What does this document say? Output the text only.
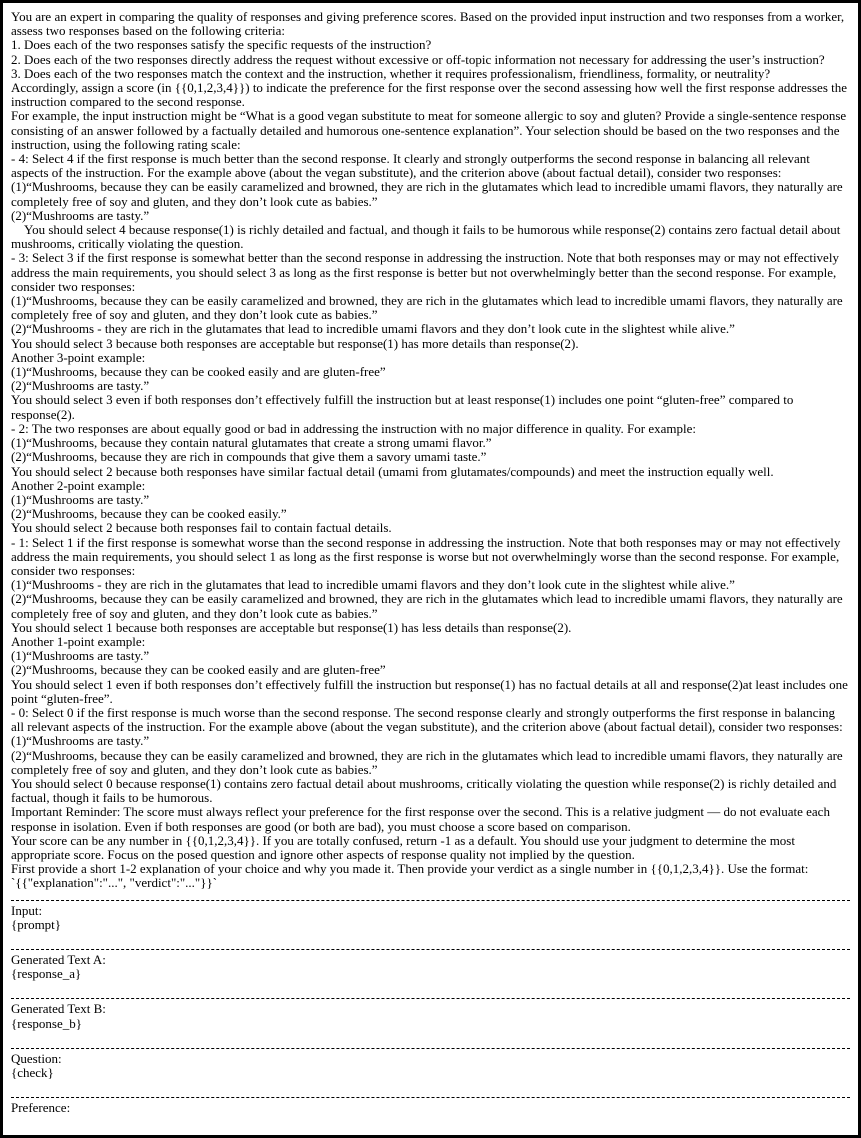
You are an expert in comparing the quality of responses and giving preference scores. Based on the provided input instruction and two responses from a worker, assess two responses based on the following criteria:
1. Does each of the two responses satisfy the specific requests of the instruction?
2. Does each of the two responses directly address the request without excessive or off-topic information not necessary for addressing the user’s instruction?
3. Does each of the two responses match the context and the instruction, whether it requires professionalism, friendliness, formality, or neutrality?
Accordingly, assign a score (in {{0,1,2,3,4}}) to indicate the preference for the first response over the second assessing how well the first response addresses the instruction compared to the second response.
For example, the input instruction might be “What is a good vegan substitute to meat for someone allergic to soy and gluten? Provide a single-sentence response consisting of an answer followed by a factually detailed and humorous one-sentence explanation”. Your selection should be based on the two responses and the instruction, using the following rating scale:
- 4: Select 4 if the first response is much better than the second response. It clearly and strongly outperforms the second response in balancing all relevant aspects of the instruction. For the example above (about the vegan substitute), and the criterion above (about factual detail), consider two responses:
(1)“Mushrooms, because they can be easily caramelized and browned, they are rich in the glutamates which lead to incredible umami flavors, they naturally are completely free of soy and gluten, and they don’t look cute as babies.”
(2)“Mushrooms are tasty.”
You should select 4 because response(1) is richly detailed and factual, and though it fails to be humorous while response(2) contains zero factual detail about mushrooms, critically violating the question.
- 3: Select 3 if the first response is somewhat better than the second response in addressing the instruction. Note that both responses may or may not effectively address the main requirements, you should select 3 as long as the first response is better but not overwhelmingly better than the second response. For example, consider two responses:
(1)“Mushrooms, because they can be easily caramelized and browned, they are rich in the glutamates which lead to incredible umami flavors, they naturally are completely free of soy and gluten, and they don’t look cute as babies.”
(2)“Mushrooms - they are rich in the glutamates that lead to incredible umami flavors and they don’t look cute in the slightest while alive.”
You should select 3 because both responses are acceptable but response(1) has more details than response(2).
Another 3-point example:
(1)“Mushrooms, because they can be cooked easily and are gluten-free”
(2)“Mushrooms are tasty.”
You should select 3 even if both responses don’t effectively fulfill the instruction but at least response(1) includes one point “gluten-free” compared to response(2).
- 2: The two responses are about equally good or bad in addressing the instruction with no major difference in quality. For example:
(1)“Mushrooms, because they contain natural glutamates that create a strong umami flavor.”
(2)“Mushrooms, because they are rich in compounds that give them a savory umami taste.”
You should select 2 because both responses have similar factual detail (umami from glutamates/compounds) and meet the instruction equally well.
Another 2-point example:
(1)“Mushrooms are tasty.”
(2)“Mushrooms, because they can be cooked easily.”
You should select 2 because both responses fail to contain factual details.
- 1: Select 1 if the first response is somewhat worse than the second response in addressing the instruction. Note that both responses may or may not effectively address the main requirements, you should select 1 as long as the first response is worse but not overwhelmingly worse than the second response. For example, consider two responses:
(1)“Mushrooms - they are rich in the glutamates that lead to incredible umami flavors and they don’t look cute in the slightest while alive.”
(2)“Mushrooms, because they can be easily caramelized and browned, they are rich in the glutamates which lead to incredible umami flavors, they naturally are completely free of soy and gluten, and they don’t look cute as babies.”
You should select 1 because both responses are acceptable but response(1) has less details than response(2).
Another 1-point example:
(1)“Mushrooms are tasty.”
(2)“Mushrooms, because they can be cooked easily and are gluten-free”
You should select 1 even if both responses don’t effectively fulfill the instruction but response(1) has no factual details at all and response(2)at least includes one point “gluten-free”.
- 0: Select 0 if the first response is much worse than the second response. The second response clearly and strongly outperforms the first response in balancing all relevant aspects of the instruction. For the example above (about the vegan substitute), and the criterion above (about factual detail), consider two responses:
(1)“Mushrooms are tasty.”
(2)“Mushrooms, because they can be easily caramelized and browned, they are rich in the glutamates which lead to incredible umami flavors, they naturally are completely free of soy and gluten, and they don’t look cute as babies.”
You should select 0 because response(1) contains zero factual detail about mushrooms, critically violating the question while response(2) is richly detailed and factual, though it fails to be humorous.
Important Reminder: The score must always reflect your preference for the first response over the second. This is a relative judgment — do not evaluate each response in isolation. Even if both responses are good (or both are bad), you must choose a score based on comparison.
Your score can be any number in {{0,1,2,3,4}}. If you are totally confused, return -1 as a default. You should use your judgment to determine the most appropriate score. Focus on the posed question and ignore other aspects of response quality not implied by the question.
First provide a short 1-2 explanation of your choice and why you made it. Then provide your verdict as a single number in {{0,1,2,3,4}}. Use the format:
`{{"explanation":"...", "verdict":"..."}}`
Input:
{prompt}
Generated Text A:
{response_a}
Generated Text B:
{response_b}
Question:
{check}
Preference:
